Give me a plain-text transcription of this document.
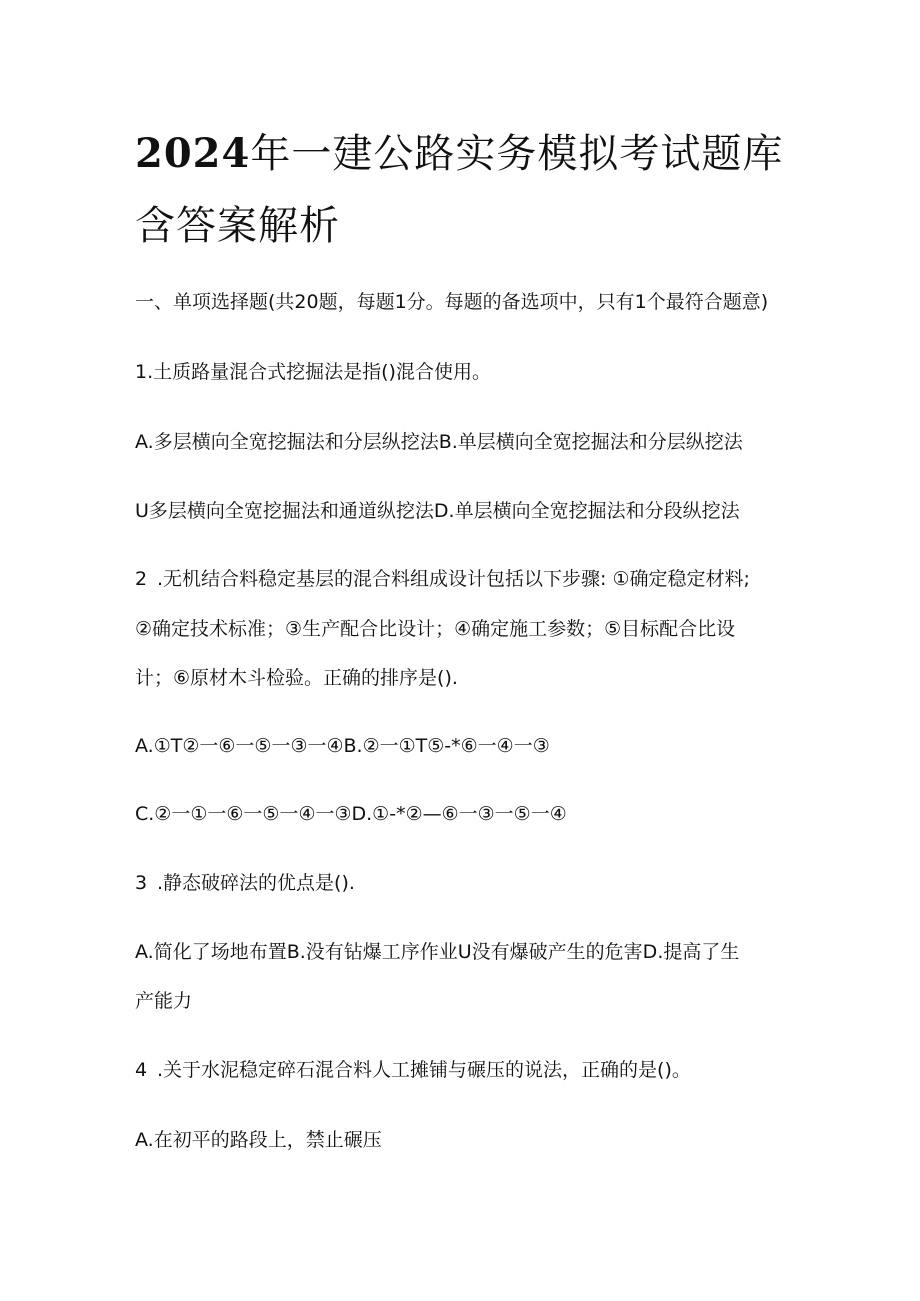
2024年一建公路实务模拟考试题库
含答案解析
一、单项选择题(共20题，每题1分。每题的备选项中，只有1个最符合题意)
1.土质路量混合式挖掘法是指()混合使用。
A.多层横向全宽挖掘法和分层纵挖法B.单层横向全宽挖掘法和分层纵挖法
U多层横向全宽挖掘法和通道纵挖法D.单层横向全宽挖掘法和分段纵挖法
2 .无机结合料稳定基层的混合料组成设计包括以下步骤: ①确定稳定材料;
②确定技术标准；③生产配合比设计；④确定施工参数；⑤目标配合比设
计；⑥原材木斗检验。正确的排序是().
A.①T②一⑥一⑤一③一④B.②一①T⑤-*⑥一④一③
C.②一①一⑥一⑤一④一③D.①-*②—⑥一③一⑤一④
3 .静态破碎法的优点是().
A.简化了场地布置B.没有钻爆工序作业U没有爆破产生的危害D.提高了生
产能力
4 .关于水泥稳定碎石混合料人工摊铺与碾压的说法，正确的是()。
A.在初平的路段上，禁止碾压
